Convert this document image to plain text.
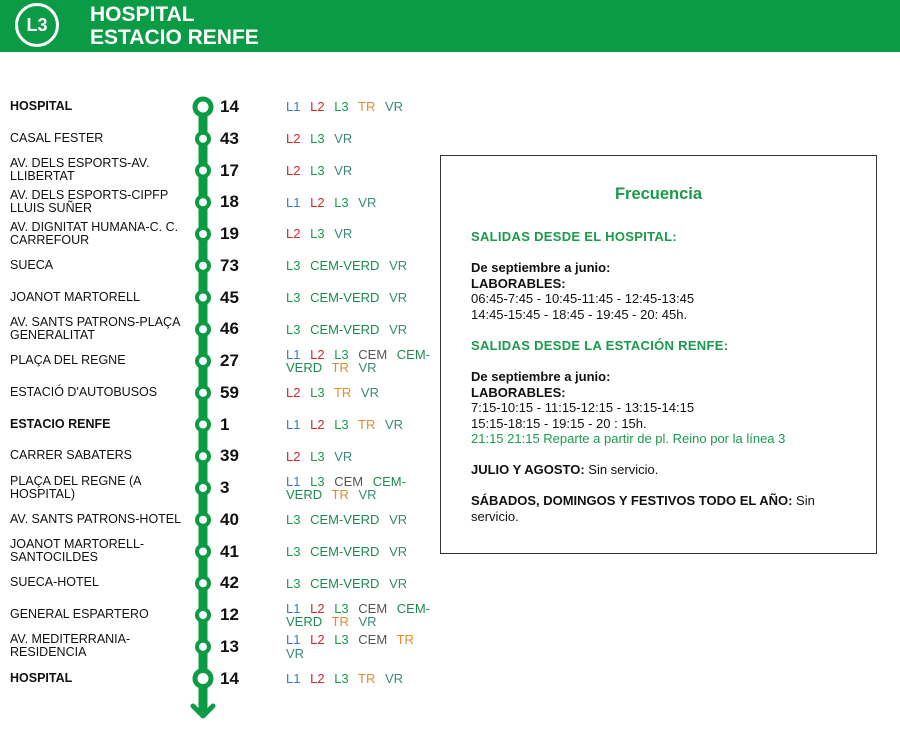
L3	HOSPITAL
ESTACIO RENFE
HOSPITAL	14	L1 L2 L3 TR VR
CASAL FESTER	43	L2 L3 VR
AV. DELS ESPORTS-AV. LLIBERTAT	17	L2 L3 VR
AV. DELS ESPORTS-CIPFP LLUIS SUÑER	18	L1 L2 L3 VR
AV. DIGNITAT HUMANA-C. C. CARREFOUR	19	L2 L3 VR
SUECA	73	L3 CEM-VERD VR
JOANOT MARTORELL	45	L3 CEM-VERD VR
AV. SANTS PATRONS-PLAÇA GENERALITAT	46	L3 CEM-VERD VR
PLAÇA DEL REGNE	27	L1 L2 L3 CEM CEM-VERD TR VR
ESTACIÓ D'AUTOBUSOS	59	L2 L3 TR VR
ESTACIO RENFE	1	L1 L2 L3 TR VR
CARRER SABATERS	39	L2 L3 VR
PLAÇA DEL REGNE (A HOSPITAL)	3	L1 L3 CEM CEM-VERD TR VR
AV. SANTS PATRONS-HOTEL	40	L3 CEM-VERD VR
JOANOT MARTORELL-SANTOCILDES	41	L3 CEM-VERD VR
SUECA-HOTEL	42	L3 CEM-VERD VR
GENERAL ESPARTERO	12	L1 L2 L3 CEM CEM-VERD TR VR
AV. MEDITERRANIA-RESIDENCIA	13	L1 L2 L3 CEM TR VR
HOSPITAL	14	L1 L2 L3 TR VR
Frecuencia
SALIDAS DESDE EL HOSPITAL:
De septiembre a junio:
LABORABLES:
06:45-7:45 - 10:45-11:45 - 12:45-13:45
14:45-15:45 - 18:45 - 19:45 - 20: 45h.
SALIDAS DESDE LA ESTACIÓN RENFE:
De septiembre a junio:
LABORABLES:
7:15-10:15 - 11:15-12:15 - 13:15-14:15
15:15-18:15 - 19:15 - 20 : 15h.
21:15 21:15 Reparte a partir de pl. Reino por la línea 3
JULIO Y AGOSTO: Sin servicio.
SÁBADOS, DOMINGOS Y FESTIVOS TODO EL AÑO: Sin servicio.
